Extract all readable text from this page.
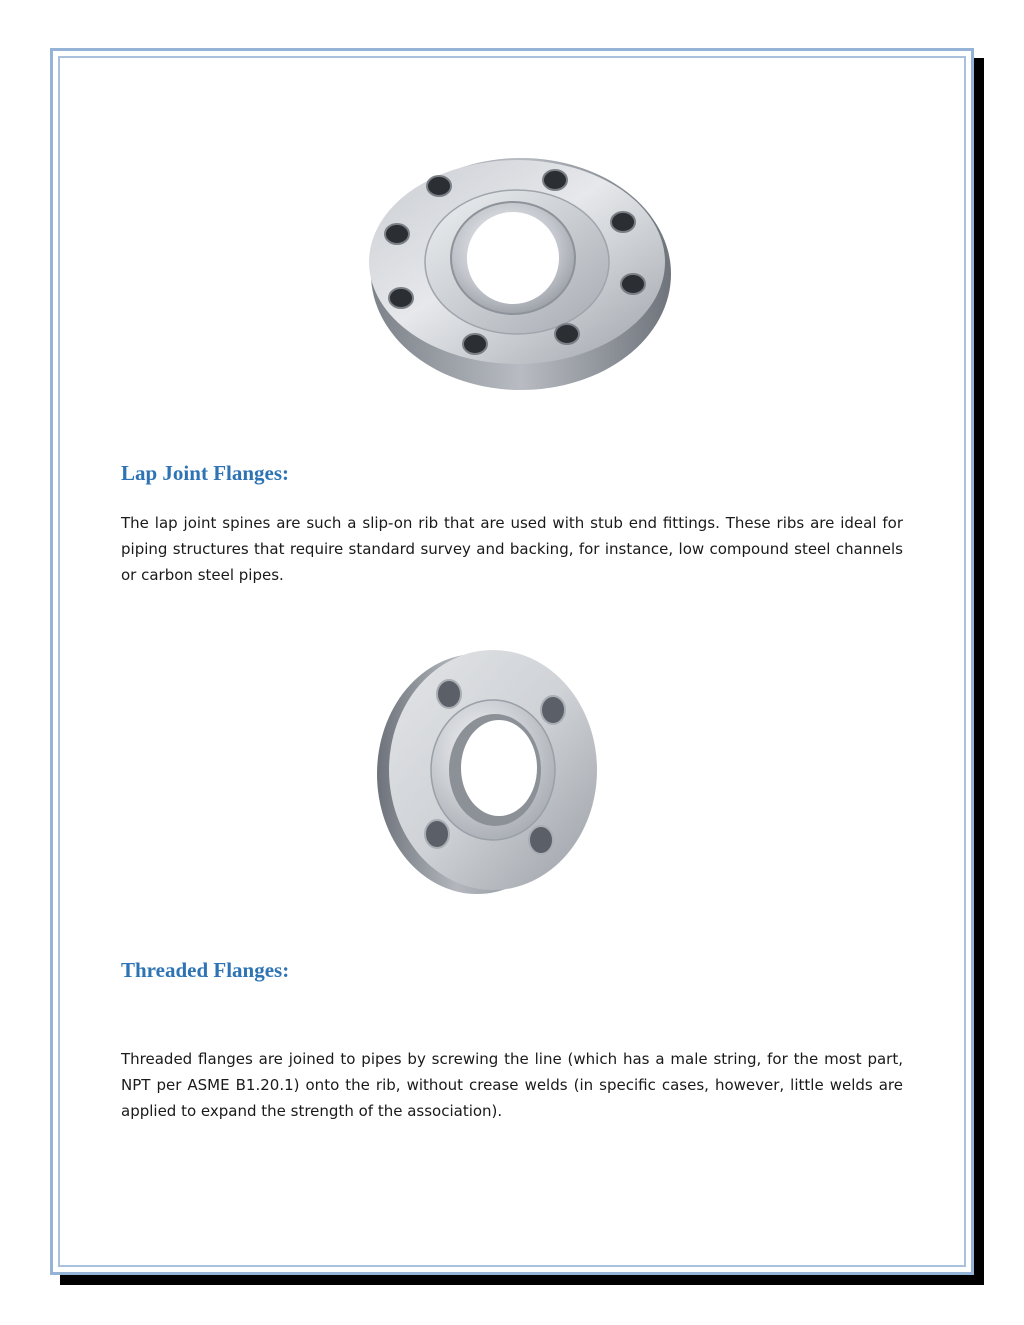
Lap Joint Flanges:

The lap joint spines are such a slip-on rib that are used with stub end fittings. These ribs are ideal for piping structures that require standard survey and backing, for instance, low compound steel channels or carbon steel pipes.

Threaded Flanges:

Threaded flanges are joined to pipes by screwing the line (which has a male string, for the most part, NPT per ASME B1.20.1) onto the rib, without crease welds (in specific cases, however, little welds are applied to expand the strength of the association).
